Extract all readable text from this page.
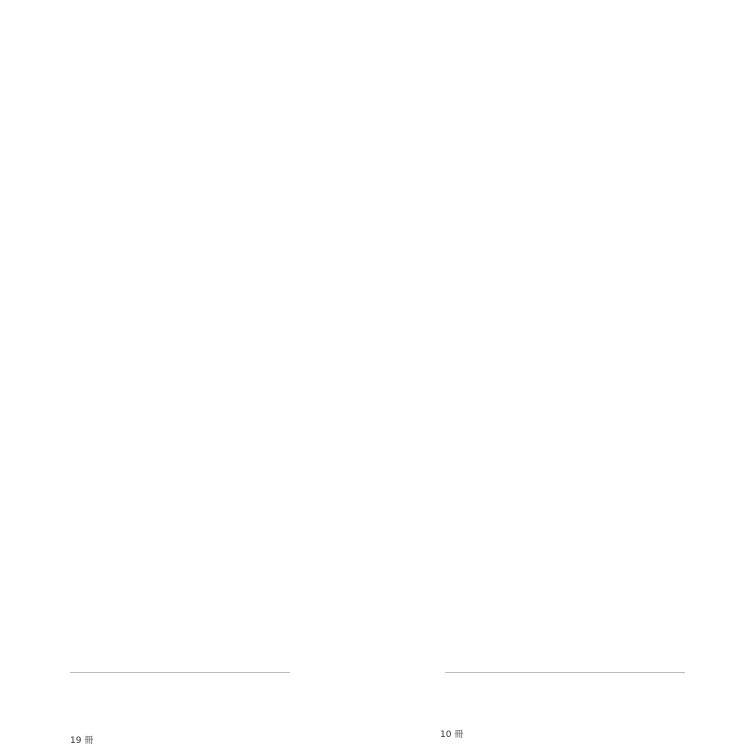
19 冊
10 冊
